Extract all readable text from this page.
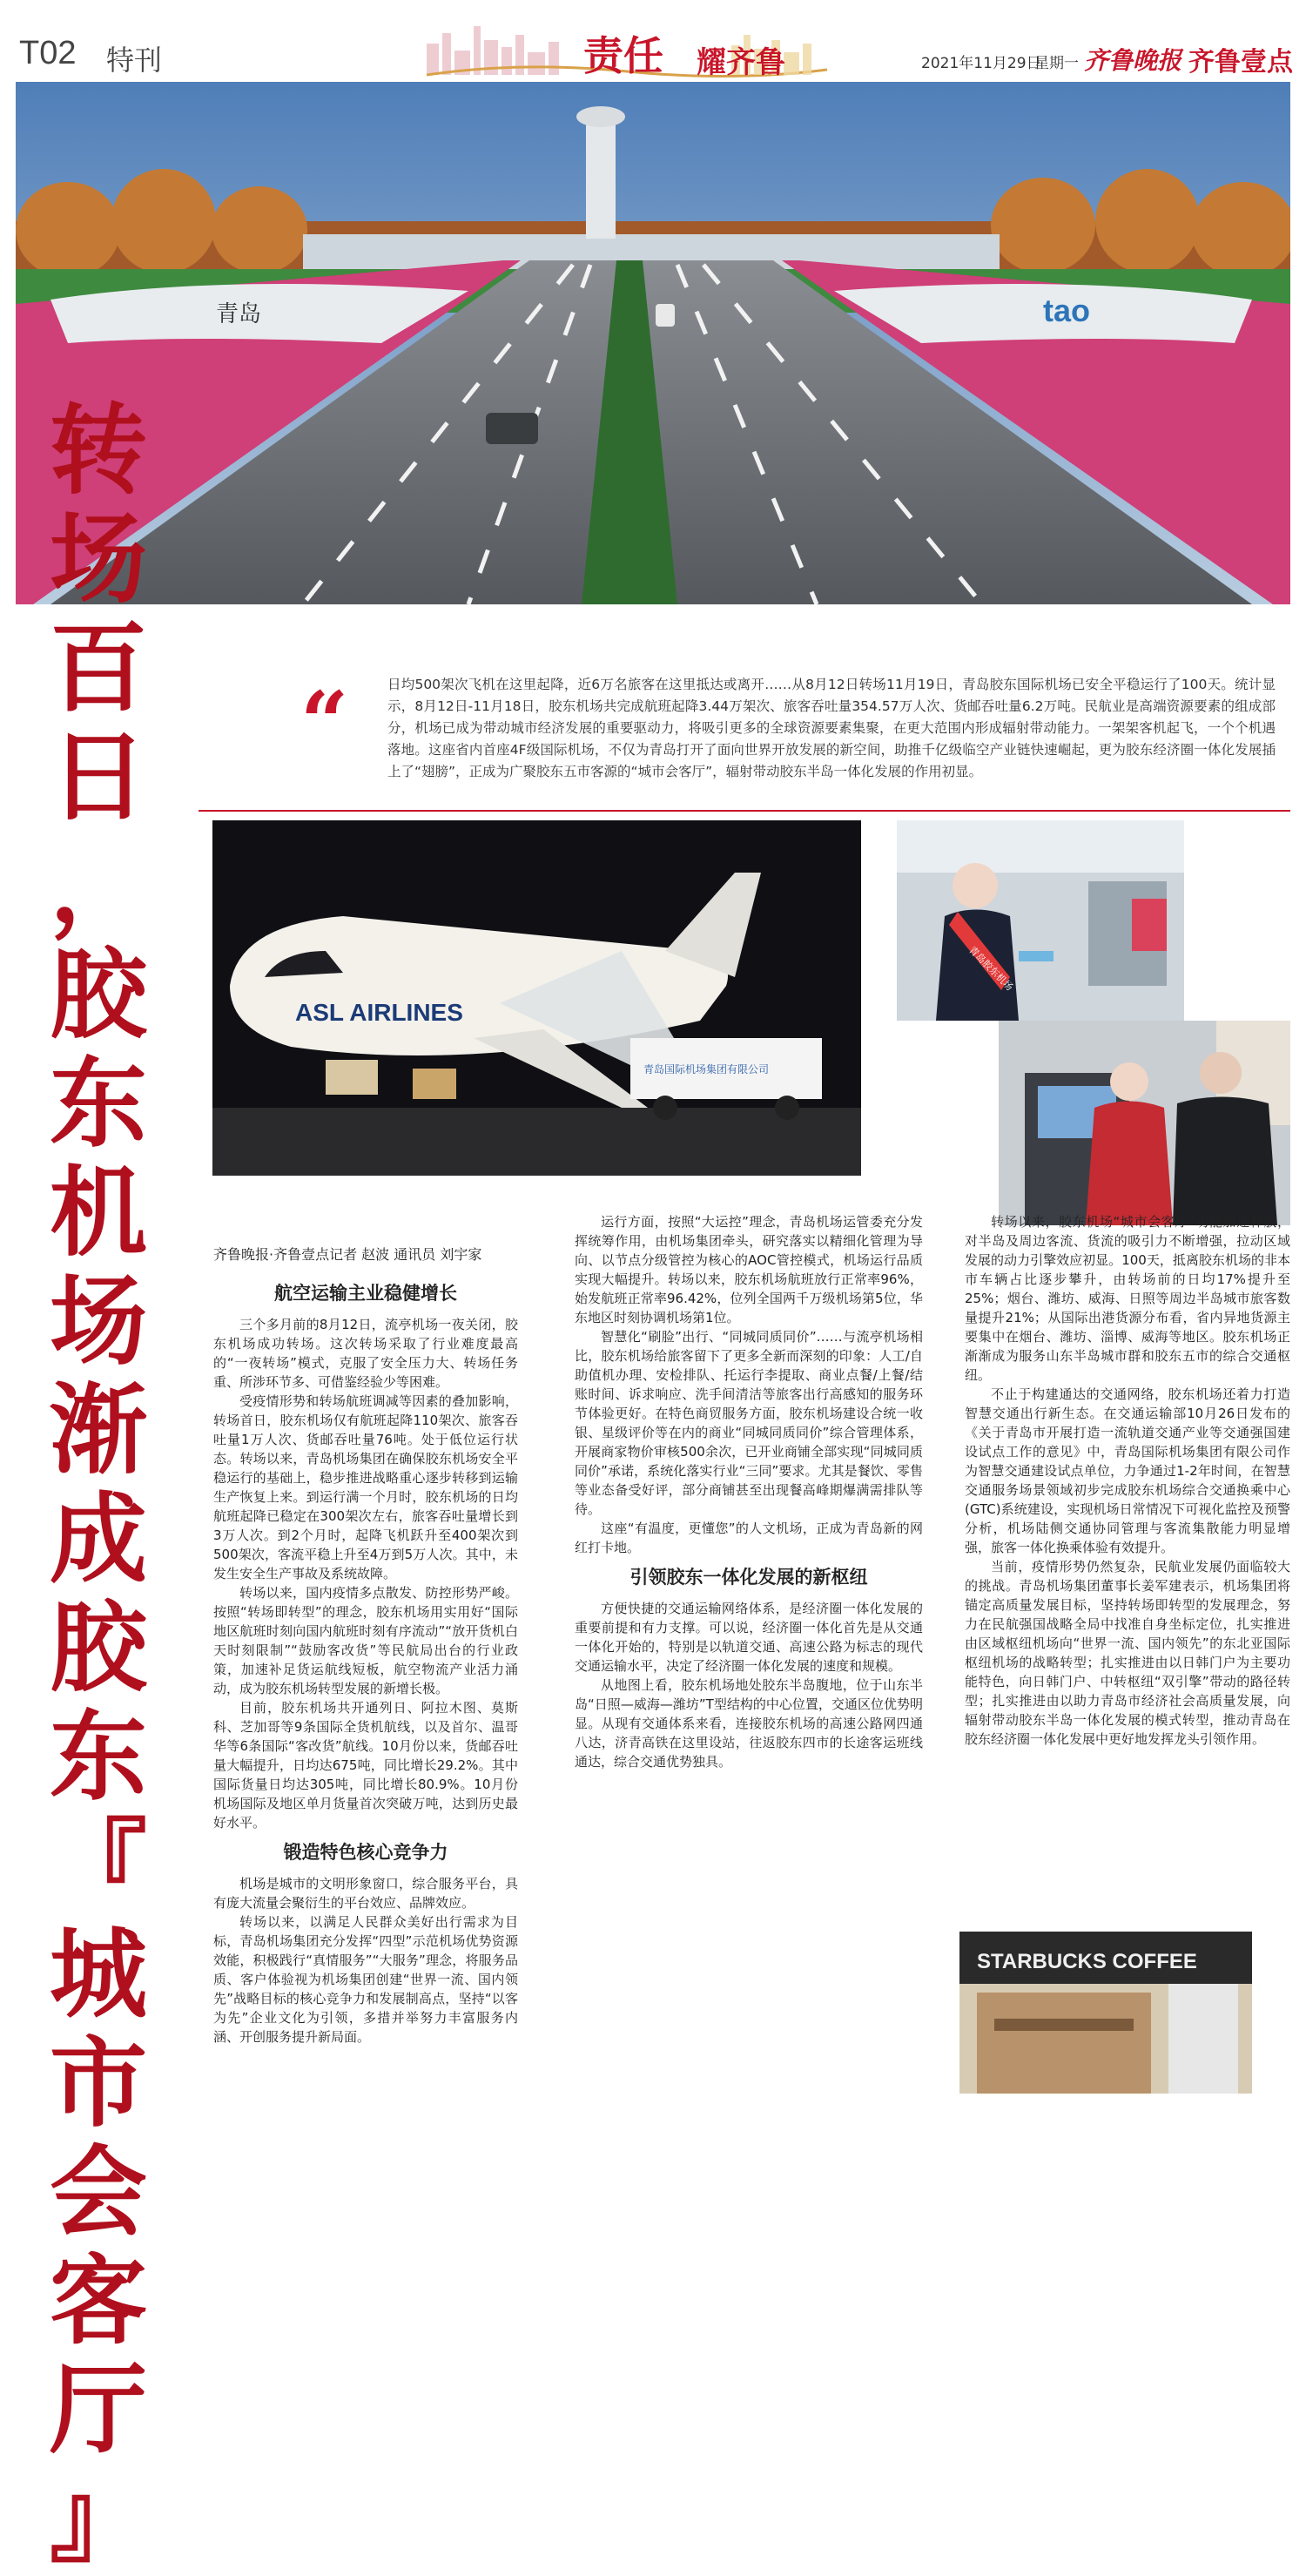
T02 特刊	责任 耀齐鲁	2021年11月29日
星期一 齐鲁晚报 齐鲁壹点
青岛	tao
转
场
百
日
，
胶
东
机
场
渐
成
胶
东
『
城
市
会
客
厅
』
“	日均500架次飞机在这里起降，近6万名旅客在这里抵达或离开……从8月12日转场11月19日，青岛胶东国际机场已安全平稳运行了100天。统计显示，8月12日-11月18日，胶东机场共完成航班起降3.44万架次、旅客吞吐量354.57万人次、货邮吞吐量6.2万吨。民航业是高端资源要素的组成部分，机场已成为带动城市经济发展的重要驱动力，将吸引更多的全球资源要素集聚，在更大范围内形成辐射带动能力。一架架客机起飞，一个个机遇落地。这座省内首座4F级国际机场，不仅为青岛打开了面向世界开放发展的新空间，助推千亿级临空产业链快速崛起，更为胶东经济圈一体化发展插上了“翅膀”，正成为广聚胶东五市客源的“城市会客厅”，辐射带动胶东半岛一体化发展的作用初显。
ASL AIRLINES
青岛国际机场集团有限公司
青岛胶东机场
STARBUCKS COFFEE
齐鲁晚报·齐鲁壹点记者 赵波 通讯员 刘宇家
航空运输主业稳健增长

三个多月前的8月12日，流亭机场一夜关闭，胶东机场成功转场。这次转场采取了行业难度最高的“一夜转场”模式，克服了安全压力大、转场任务重、所涉环节多、可借鉴经验少等困难。

受疫情形势和转场航班调减等因素的叠加影响，转场首日，胶东机场仅有航班起降110架次、旅客吞吐量1万人次、货邮吞吐量76吨。处于低位运行状态。转场以来，青岛机场集团在确保胶东机场安全平稳运行的基础上，稳步推进战略重心逐步转移到运输生产恢复上来。到运行满一个月时，胶东机场的日均航班起降已稳定在300架次左右，旅客吞吐量增长到3万人次。到2个月时，起降飞机跃升至400架次到500架次，客流平稳上升至4万到5万人次。其中，未发生安全生产事故及系统故障。

转场以来，国内疫情多点散发、防控形势严峻。按照“转场即转型”的理念，胶东机场用实用好“国际地区航班时刻向国内航班时刻有序流动”“放开货机白天时刻限制”“鼓励客改货”等民航局出台的行业政策，加速补足货运航线短板，航空物流产业活力涌动，成为胶东机场转型发展的新增长极。

目前，胶东机场共开通列日、阿拉木图、莫斯科、芝加哥等9条国际全货机航线，以及首尔、温哥华等6条国际“客改货”航线。10月份以来，货邮吞吐量大幅提升，日均达675吨，同比增长29.2%。其中国际货量日均达305吨，同比增长80.9%。10月份机场国际及地区单月货量首次突破万吨，达到历史最好水平。

锻造特色核心竞争力

机场是城市的文明形象窗口，综合服务平台，具有庞大流量会聚衍生的平台效应、品牌效应。

转场以来，以满足人民群众美好出行需求为目标，青岛机场集团充分发挥“四型”示范机场优势资源效能，积极践行“真情服务”“大服务”理念，将服务品质、客户体验视为机场集团创建“世界一流、国内领先”战略目标的核心竞争力和发展制高点，坚持“以客为先”企业文化为引领，多措并举努力丰富服务内涵、开创服务提升新局面。

运行方面，按照“大运控”理念，青岛机场运管委充分发挥统筹作用，由机场集团牵头，研究落实以精细化管理为导向、以节点分级管控为核心的AOC管控模式，机场运行品质实现大幅提升。转场以来，胶东机场航班放行正常率96%，始发航班正常率96.42%，位列全国两千万级机场第5位，华东地区时刻协调机场第1位。

智慧化“刷脸”出行、“同城同质同价”……与流亭机场相比，胶东机场给旅客留下了更多全新而深刻的印象：人工/自助值机办理、安检排队、托运行李提取、商业点餐/上餐/结账时间、诉求响应、洗手间清洁等旅客出行高感知的服务环节体验更好。在特色商贸服务方面，胶东机场建设合统一收银、星级评价等在内的商业“同城同质同价”综合管理体系，开展商家物价审核500余次，已开业商铺全部实现“同城同质同价”承诺，系统化落实行业“三同”要求。尤其是餐饮、零售等业态备受好评，部分商铺甚至出现餐高峰期爆满需排队等待。

这座“有温度，更懂您”的人文机场，正成为青岛新的网红打卡地。

引领胶东一体化发展的新枢纽

方便快捷的交通运输网络体系，是经济圈一体化发展的重要前提和有力支撑。可以说，经济圈一体化首先是从交通一体化开始的，特别是以轨道交通、高速公路为标志的现代交通运输水平，决定了经济圈一体化发展的速度和规模。

从地图上看，胶东机场地处胶东半岛腹地，位于山东半岛“日照—威海—潍坊”T型结构的中心位置，交通区位优势明显。从现有交通体系来看，连接胶东机场的高速公路网四通八达，济青高铁在这里设站，往返胶东四市的长途客运班线通达，综合交通优势独具。

转场以来，胶东机场“城市会客厅”功能加速释放，对半岛及周边客流、货流的吸引力不断增强，拉动区域发展的动力引擎效应初显。100天，抵离胶东机场的非本市车辆占比逐步攀升，由转场前的日均17%提升至25%；烟台、潍坊、威海、日照等周边半岛城市旅客数量提升21%；从国际出港货源分布看，省内异地货源主要集中在烟台、潍坊、淄博、威海等地区。胶东机场正渐渐成为服务山东半岛城市群和胶东五市的综合交通枢纽。

不止于构建通达的交通网络，胶东机场还着力打造智慧交通出行新生态。在交通运输部10月26日发布的《关于青岛市开展打造一流轨道交通产业等交通强国建设试点工作的意见》中，青岛国际机场集团有限公司作为智慧交通建设试点单位，力争通过1-2年时间，在智慧交通服务场景领域初步完成胶东机场综合交通换乘中心(GTC)系统建设，实现机场日常情况下可视化监控及预警分析，机场陆侧交通协同管理与客流集散能力明显增强，旅客一体化换乘体验有效提升。

当前，疫情形势仍然复杂，民航业发展仍面临较大的挑战。青岛机场集团董事长姜军建表示，机场集团将锚定高质量发展目标，坚持转场即转型的发展理念，努力在民航强国战略全局中找准自身坐标定位，扎实推进由区域枢纽机场向“世界一流、国内领先”的东北亚国际枢纽机场的战略转型；扎实推进由以日韩门户为主要功能特色，向日韩门户、中转枢纽“双引擎”带动的路径转型；扎实推进由以助力青岛市经济社会高质量发展，向辐射带动胶东半岛一体化发展的模式转型，推动青岛在胶东经济圈一体化发展中更好地发挥龙头引领作用。
